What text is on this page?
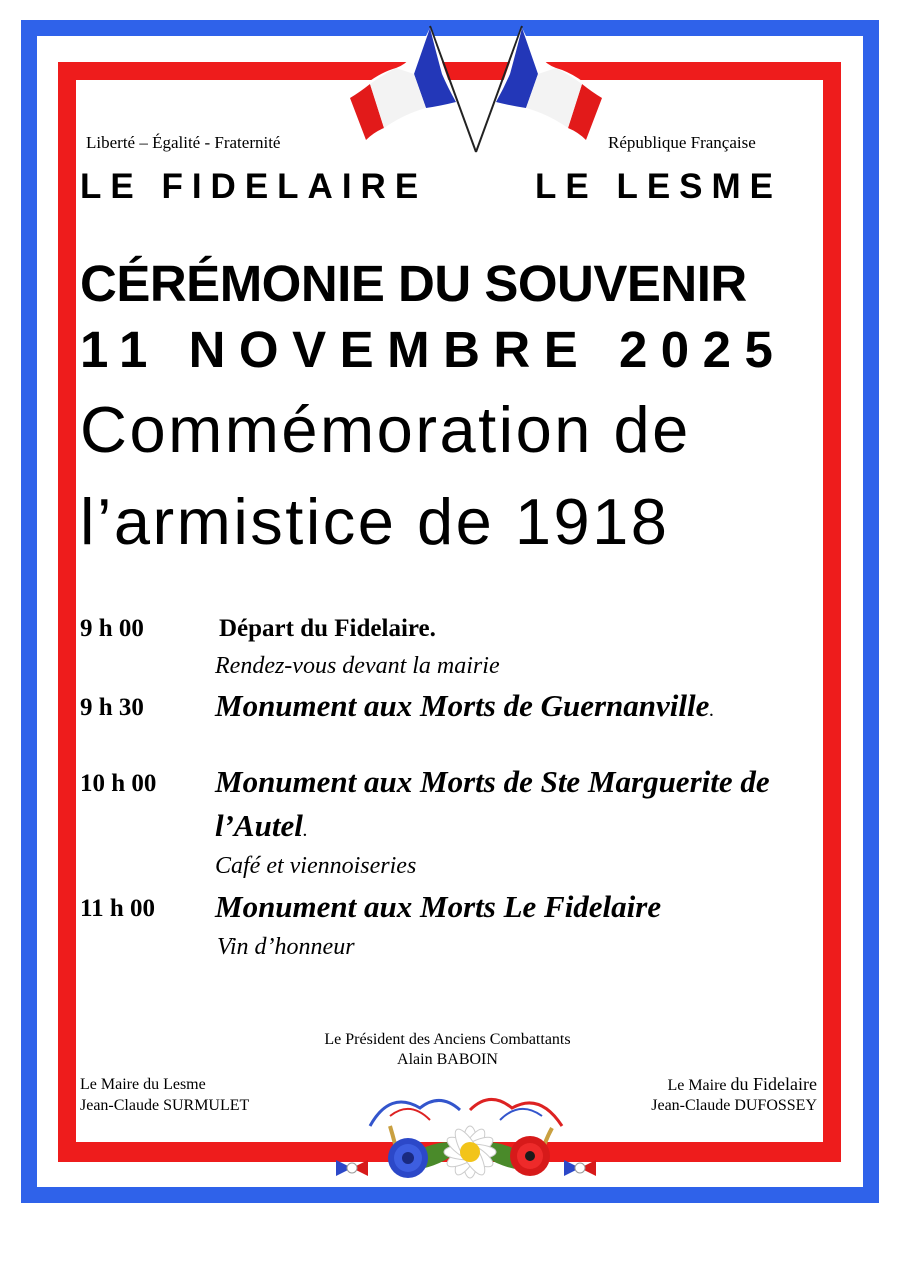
Liberté – Égalité - Fraternité	République Française
LE FIDELAIRE	LE LESME
CÉRÉMONIE DU SOUVENIR
11 NOVEMBRE 2025
Commémoration de
l’armistice de 1918
9 h 00	Départ du Fidelaire.
Rendez-vous devant la mairie
9 h 30 Monument aux Morts de Guernanville.
10 h 00 Monument aux Morts de Ste Marguerite de
l’Autel.
Café et viennoiseries
11 h 00 Monument aux Morts Le Fidelaire
Vin d’honneur
Le Président des Anciens Combattants
Alain BABOIN
Le Maire du Lesme
Jean-Claude SURMULET
Le Maire du Fidelaire
Jean-Claude DUFOSSEY
